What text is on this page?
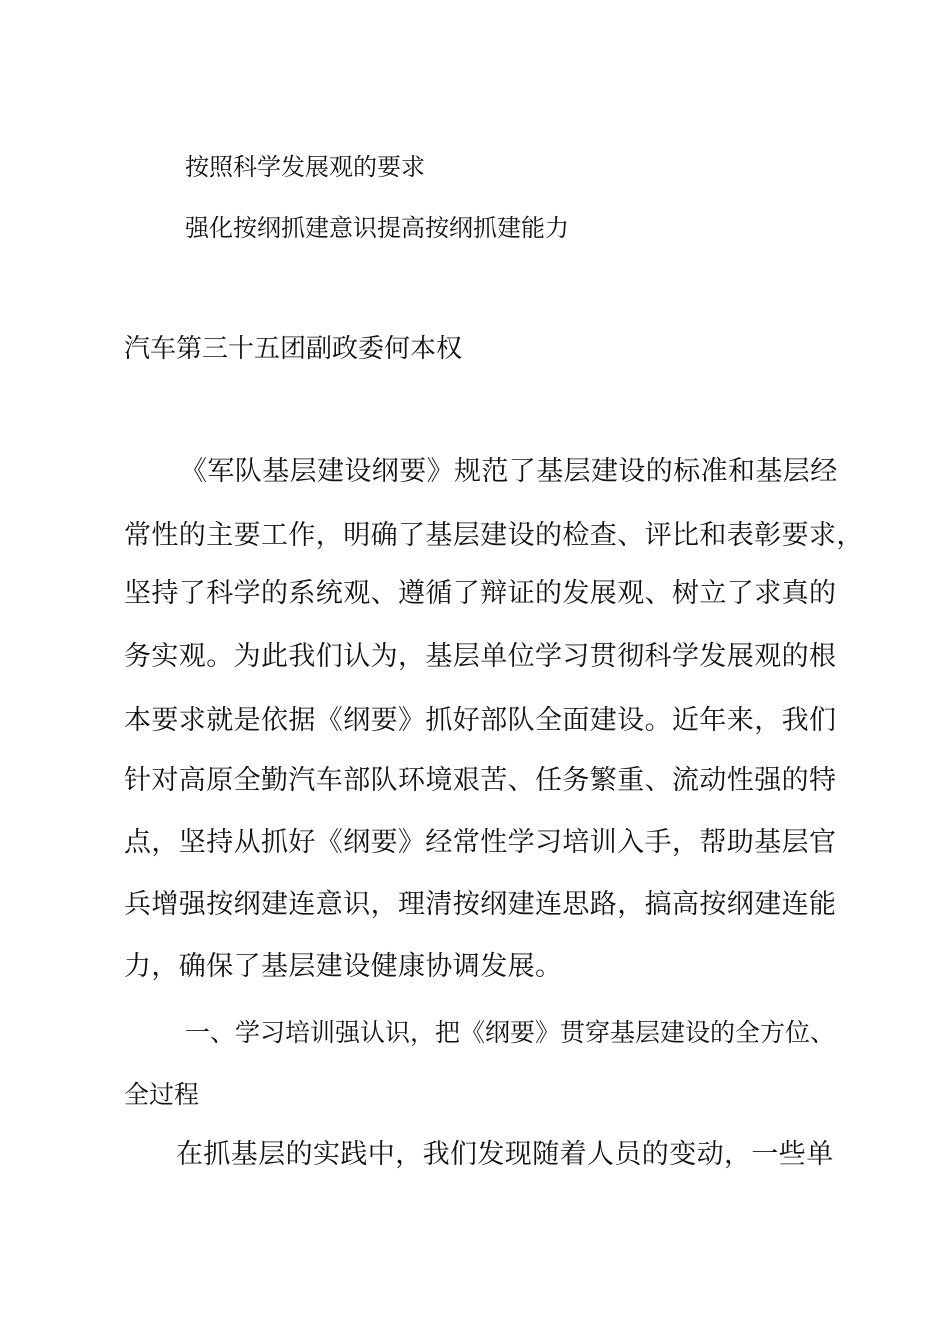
按照科学发展观的要求
强化按纲抓建意识提高按纲抓建能力
汽车第三十五团副政委何本权
《军队基层建设纲要》规范了基层建设的标准和基层经
常性的主要工作，明确了基层建设的检查、评比和表彰要求，
坚持了科学的系统观、遵循了辩证的发展观、树立了求真的
务实观。为此我们认为，基层单位学习贯彻科学发展观的根
本要求就是依据《纲要》抓好部队全面建设。近年来，我们
针对高原全勤汽车部队环境艰苦、任务繁重、流动性强的特
点，坚持从抓好《纲要》经常性学习培训入手，帮助基层官
兵增强按纲建连意识，理清按纲建连思路，搞高按纲建连能
力，确保了基层建设健康协调发展。
一、学习培训强认识，把《纲要》贯穿基层建设的全方位、
全过程
在抓基层的实践中，我们发现随着人员的变动，一些单
